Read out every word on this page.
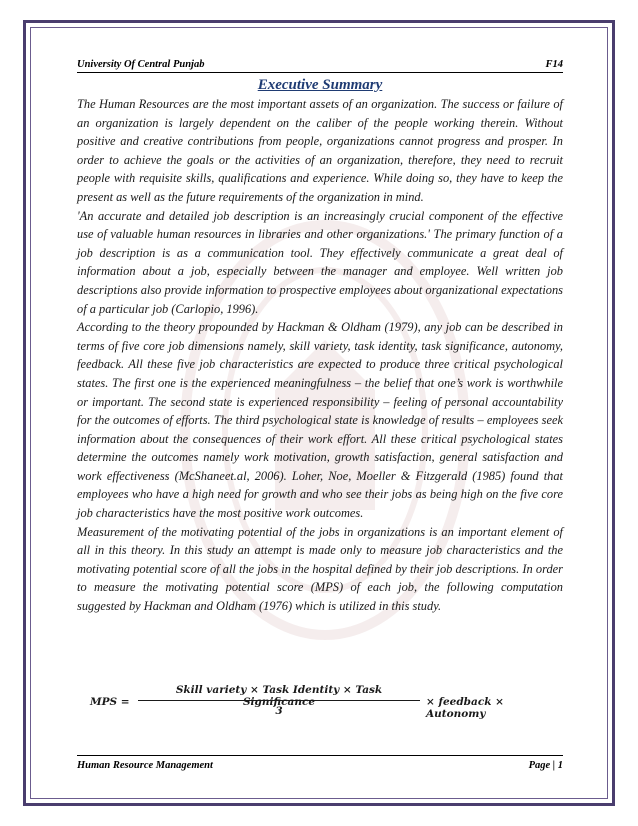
University Of Central Punjab	F14
Executive Summary

The Human Resources are the most important assets of an organization. The success or failure of an organization is largely dependent on the caliber of the people working therein. Without positive and creative contributions from people, organizations cannot progress and prosper. In order to achieve the goals or the activities of an organization, therefore, they need to recruit people with requisite skills, qualifications and experience. While doing so, they have to keep the present as well as the future requirements of the organization in mind.

'An accurate and detailed job description is an increasingly crucial component of the effective use of valuable human resources in libraries and other organizations.' The primary function of a job description is as a communication tool. They effectively communicate a great deal of information about a job, especially between the manager and employee. Well written job descriptions also provide information to prospective employees about organizational expectations of a particular job (Carlopio, 1996).

According to the theory propounded by Hackman & Oldham (1979), any job can be described in terms of five core job dimensions namely, skill variety, task identity, task significance, autonomy, feedback. All these five job characteristics are expected to produce three critical psychological states. The first one is the experienced meaningfulness – the belief that one’s work is worthwhile or important. The second state is experienced responsibility – feeling of personal accountability for the outcomes of efforts. The third psychological state is knowledge of results – employees seek information about the consequences of their work effort. All these critical psychological states determine the outcomes namely work motivation, growth satisfaction, general satisfaction and work effectiveness (McShaneet.al, 2006). Loher, Noe, Moeller & Fitzgerald (1985) found that employees who have a high need for growth and who see their jobs as being high on the five core job characteristics have the most positive work outcomes.

Measurement of the motivating potential of the jobs in organizations is an important element of all in this theory. In this study an attempt is made only to measure job characteristics and the motivating potential score of all the jobs in the hospital defined by their job descriptions. In order to measure the motivating potential score (MPS) of each job, the following computation suggested by Hackman and Oldham (1976) which is utilized in this study.

MPS =
Skill variety × Task Identity × Task Significance
3
× feedback × Autonomy
Human Resource Management	Page | 1
